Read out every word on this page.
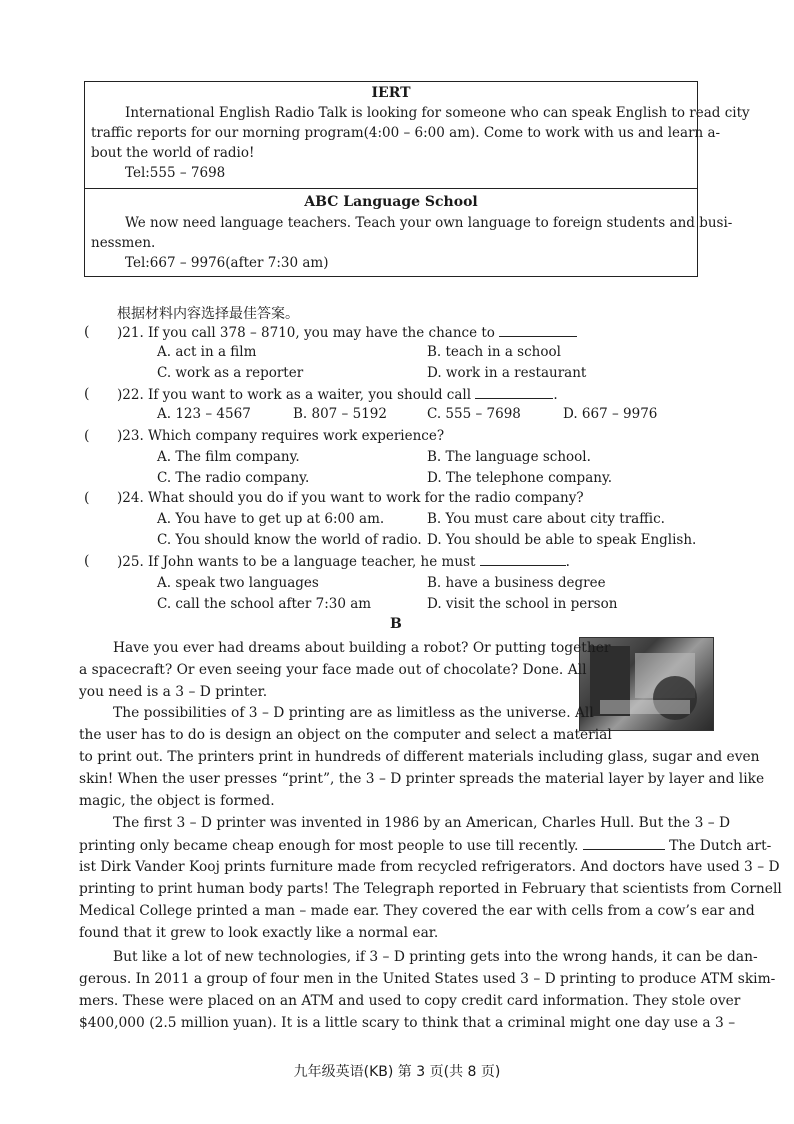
IERT
International English Radio Talk is looking for someone who can speak English to read city
traffic reports for our morning program(4:00 – 6:00 am). Come to work with us and learn a-
bout the world of radio!
Tel:555 – 7698
ABC Language School
We now need language teachers. Teach your own language to foreign students and busi-
nessmen.
Tel:667 – 9976(after 7:30 am)
根据材料内容选择最佳答案。
( )21. If you call 378 – 8710, you may have the chance to
A. act in a film	B. teach in a school
C. work as a reporter	D. work in a restaurant
( )22. If you want to work as a waiter, you should call	.
A. 123 – 4567	B. 807 – 5192	C. 555 – 7698	D. 667 – 9976
( )23. Which company requires work experience?
A. The film company.	B. The language school.
C. The radio company.	D. The telephone company.
( )24. What should you do if you want to work for the radio company?
A. You have to get up at 6:00 am.	B. You must care about city traffic.
C. You should know the world of radio. D. You should be able to speak English.
( )25. If John wants to be a language teacher, he must	.
A. speak two languages	B. have a business degree
C. call the school after 7:30 am	D. visit the school in person
B
Have you ever had dreams about building a robot? Or putting together
a spacecraft? Or even seeing your face made out of chocolate? Done. All
you need is a 3 – D printer.
The possibilities of 3 – D printing are as limitless as the universe. All
the user has to do is design an object on the computer and select a material
to print out. The printers print in hundreds of different materials including glass, sugar and even
skin! When the user presses “print”, the 3 – D printer spreads the material layer by layer and like
magic, the object is formed.
The first 3 – D printer was invented in 1986 by an American, Charles Hull. But the 3 – D
printing only became cheap enough for most people to use till recently.	The Dutch art-
ist Dirk Vander Kooj prints furniture made from recycled refrigerators. And doctors have used 3 – D
printing to print human body parts! The Telegraph reported in February that scientists from Cornell
Medical College printed a man – made ear. They covered the ear with cells from a cow’s ear and
found that it grew to look exactly like a normal ear.
But like a lot of new technologies, if 3 – D printing gets into the wrong hands, it can be dan-
gerous. In 2011 a group of four men in the United States used 3 – D printing to produce ATM skim-
mers. These were placed on an ATM and used to copy credit card information. They stole over
$400,000 (2.5 million yuan). It is a little scary to think that a criminal might one day use a 3 –
九年级英语(KB) 第 3 页(共 8 页)
